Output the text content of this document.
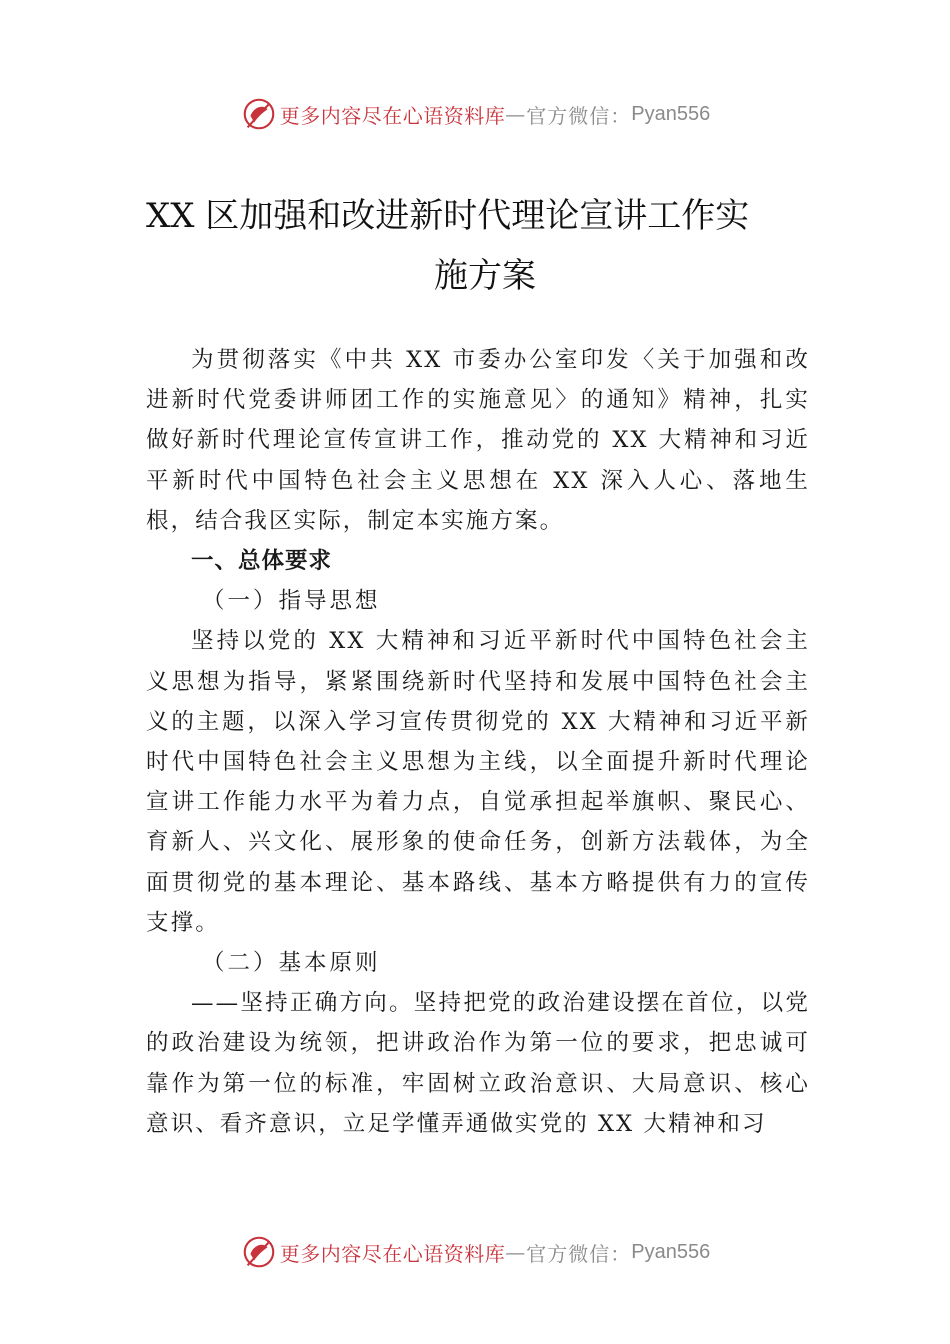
更多内容尽在心语资料库 — 官方微信： Pyan556
XX 区加强和改进新时代理论宣讲工作实
施方案

为贯彻落实《中共 XX 市委办公室印发〈关于加强和改进新时代党委讲师团工作的实施意见〉的通知》精神，扎实做好新时代理论宣传宣讲工作，推动党的 XX 大精神和习近平新时代中国特色社会主义思想在 XX 深入人心、落地生根，结合我区实际，制定本实施方案。

一、总体要求

（一）指导思想

坚持以党的 XX 大精神和习近平新时代中国特色社会主义思想为指导，紧紧围绕新时代坚持和发展中国特色社会主义的主题，以深入学习宣传贯彻党的 XX 大精神和习近平新时代中国特色社会主义思想为主线，以全面提升新时代理论宣讲工作能力水平为着力点，自觉承担起举旗帜、聚民心、 育新人、兴文化、展形象的使命任务，创新方法载体，为全面贯彻党的基本理论、基本路线、基本方略提供有力的宣传支撑。

（二）基本原则

——坚持正确方向。坚持把党的政治建设摆在首位，以党的政治建设为统领，把讲政治作为第一位的要求，把忠诚可靠作为第一位的标准，牢固树立政治意识、大局意识、核心意识、看齐意识，立足学懂弄通做实党的 XX 大精神和习

更多内容尽在心语资料库 — 官方微信： Pyan556
